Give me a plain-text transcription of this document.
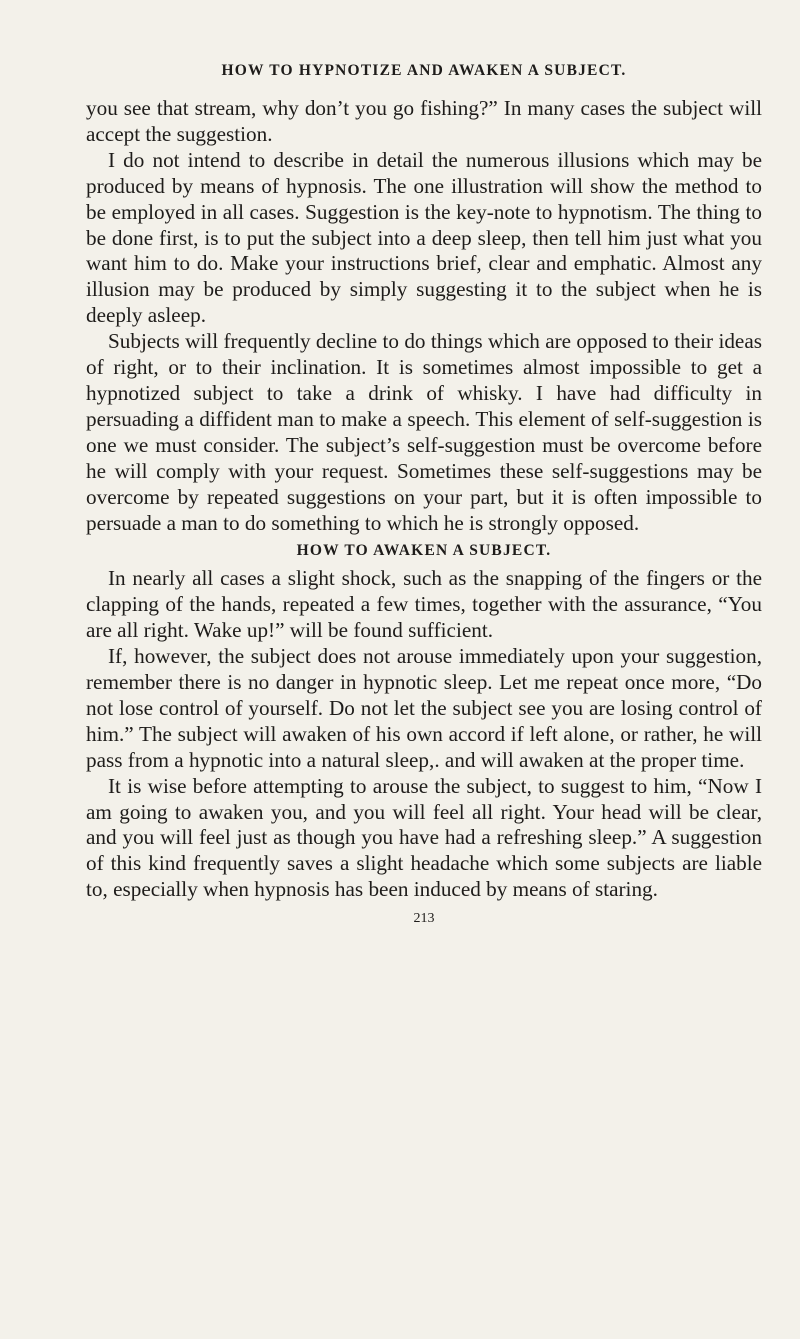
HOW TO HYPNOTIZE AND AWAKEN A SUBJECT.

you see that stream, why don’t you go fishing?” In many cases the subject will accept the suggestion.

I do not intend to describe in detail the numerous illusions which may be produced by means of hypnosis. The one illustration will show the method to be employed in all cases. Suggestion is the key-note to hypnotism. The thing to be done first, is to put the subject into a deep sleep, then tell him just what you want him to do. Make your instructions brief, clear and emphatic. Almost any illusion may be produced by simply suggesting it to the subject when he is deeply asleep.

Subjects will frequently decline to do things which are opposed to their ideas of right, or to their inclination. It is sometimes almost impossible to get a hypnotized subject to take a drink of whisky. I have had difficulty in persuading a diffident man to make a speech. This element of self-suggestion is one we must consider. The subject’s self-suggestion must be overcome before he will comply with your request. Sometimes these self-suggestions may be overcome by repeated suggestions on your part, but it is often impossible to persuade a man to do something to which he is strongly opposed.

HOW TO AWAKEN A SUBJECT.

In nearly all cases a slight shock, such as the snapping of the fingers or the clapping of the hands, repeated a few times, together with the assurance, “You are all right. Wake up!” will be found sufficient.

If, however, the subject does not arouse immediately upon your suggestion, remember there is no danger in hypnotic sleep. Let me repeat once more, “Do not lose control of yourself. Do not let the subject see you are losing control of him.” The subject will awaken of his own accord if left alone, or rather, he will pass from a hypnotic into a natural sleep,. and will awaken at the proper time.

It is wise before attempting to arouse the subject, to suggest to him, “Now I am going to awaken you, and you will feel all right. Your head will be clear, and you will feel just as though you have had a refreshing sleep.” A suggestion of this kind frequently saves a slight headache which some subjects are liable to, especially when hypnosis has been induced by means of staring.

213
